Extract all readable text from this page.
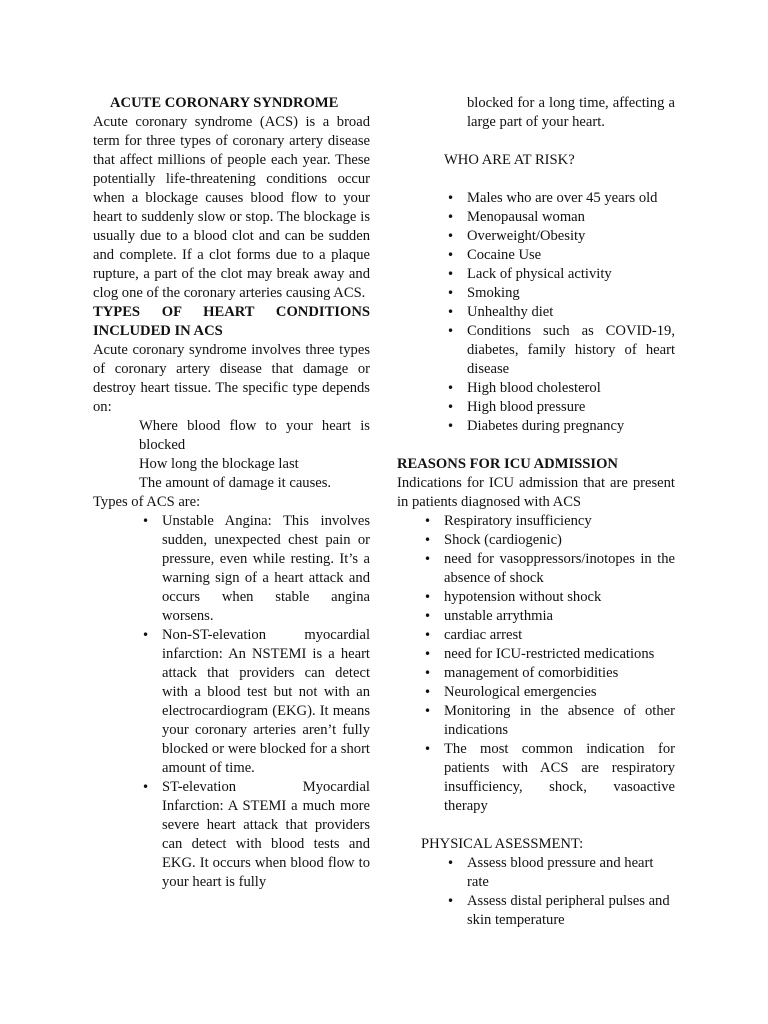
ACUTE CORONARY SYNDROME

Acute coronary syndrome (ACS) is a broad term for three types of coronary artery disease that affect millions of people each year. These potentially life-threatening conditions occur when a blockage causes blood flow to your heart to suddenly slow or stop. The blockage is usually due to a blood clot and can be sudden and complete. If a clot forms due to a plaque rupture, a part of the clot may break away and clog one of the coronary arteries causing ACS.

TYPES OF HEART CONDITIONS INCLUDED IN ACS

Acute coronary syndrome involves three types of coronary artery disease that damage or destroy heart tissue. The specific type depends on:

Where blood flow to your heart is blocked

How long the blockage last

The amount of damage it causes.

Types of ACS are:

• Unstable Angina: This involves sudden, unexpected chest pain or pressure, even while resting. It’s a warning sign of a heart attack and occurs when stable angina worsens.
• Non-ST-elevation myocardial infarction: An NSTEMI is a heart attack that providers can detect with a blood test but not with an electrocardiogram (EKG). It means your coronary arteries aren’t fully blocked or were blocked for a short amount of time.
• ST-elevation Myocardial Infarction: A STEMI a much more severe heart attack that providers can detect with blood tests and EKG. It occurs when blood flow to your heart is fully

blocked for a long time, affecting a large part of your heart.

WHO ARE AT RISK?

• Males who are over 45 years old
• Menopausal woman
• Overweight/Obesity
• Cocaine Use
• Lack of physical activity
• Smoking
• Unhealthy diet
• Conditions such as COVID-19, diabetes, family history of heart disease
• High blood cholesterol
• High blood pressure
• Diabetes during pregnancy

REASONS FOR ICU ADMISSION

Indications for ICU admission that are present in patients diagnosed with ACS

• Respiratory insufficiency
• Shock (cardiogenic)
• need for vasoppressors/inotopes in the absence of shock
• hypotension without shock
• unstable arrythmia
• cardiac arrest
• need for ICU-restricted medications
• management of comorbidities
• Neurological emergencies
• Monitoring in the absence of other indications
• The most common indication for patients with ACS are respiratory insufficiency, shock, vasoactive therapy

PHYSICAL ASESSMENT:

• Assess blood pressure and heart rate
• Assess distal peripheral pulses and skin temperature
